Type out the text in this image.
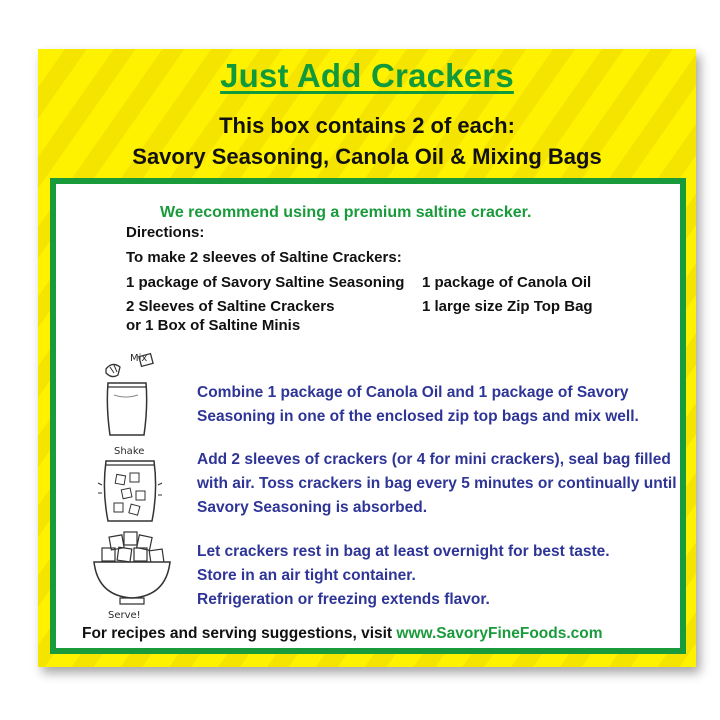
Just Add Crackers
This box contains 2 of each:
Savory Seasoning, Canola Oil & Mixing Bags
We recommend using a premium saltine cracker.
Directions:
To make 2 sleeves of Saltine Crackers:
1 package of Savory Saltine Seasoning
2 Sleeves of Saltine Crackers
or 1 Box of Saltine Minis
1 package of Canola Oil
1 large size Zip Top Bag
Mix
Combine 1 package of Canola Oil and 1 package of Savory
Seasoning in one of the enclosed zip top bags and mix well.
Shake	Add 2 sleeves of crackers (or 4 for mini crackers), seal bag filled
with air. Toss crackers in bag every 5 minutes or continually until
Savory Seasoning is absorbed.
Serve!
Let crackers rest in bag at least overnight for best taste.
Store in an air tight container.
Refrigeration or freezing extends flavor.
For recipes and serving suggestions, visit www.SavoryFineFoods.com
